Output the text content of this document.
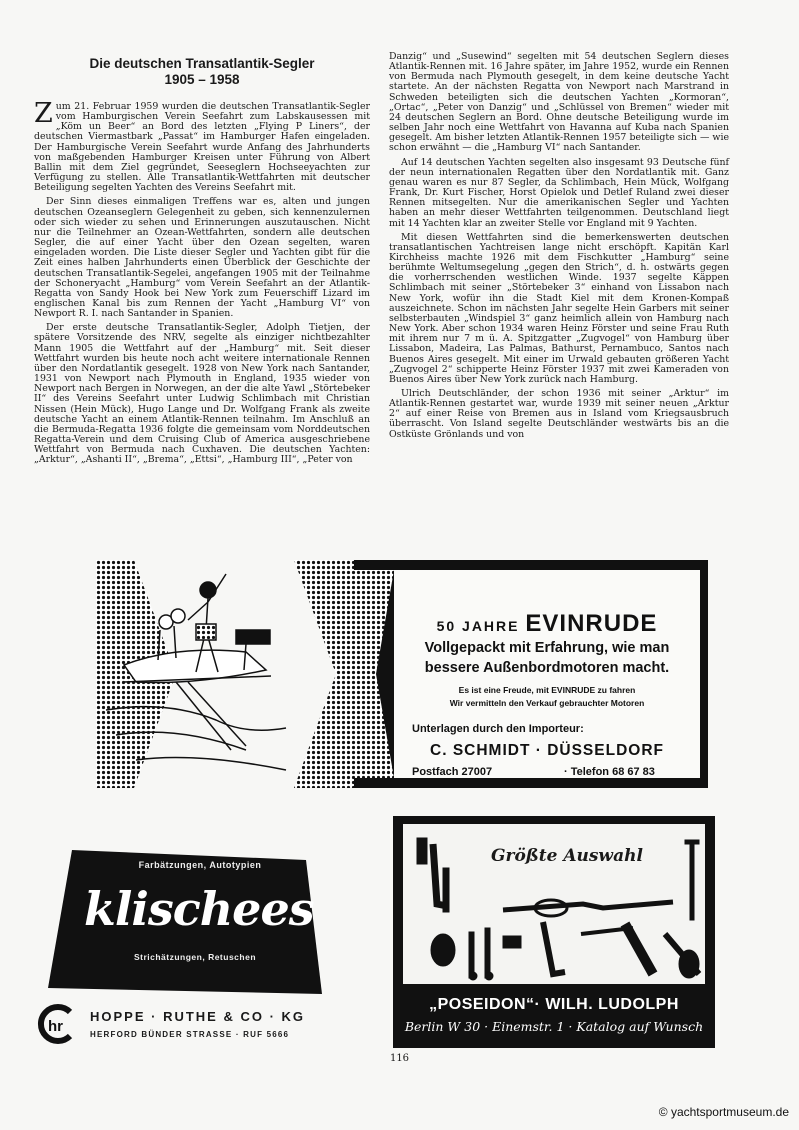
Die deutschen Transatlantik-Segler
1905 – 1958

Zum 21. Februar 1959 wurden die deutschen Transatlantik-Segler vom Hamburgischen Verein Seefahrt zum Labskausessen mit „Köm un Beer“ an Bord des letzten „Flying P Liners“, der deutschen Viermastbark „Passat“ im Hamburger Hafen eingeladen. Der Hamburgische Verein Seefahrt wurde Anfang des Jahrhunderts von maßgebenden Hamburger Kreisen unter Führung von Albert Ballin mit dem Ziel gegründet, Seeseglern Hochseeyachten zur Verfügung zu stellen. Alle Transatlantik-Wettfahrten mit deutscher Beteiligung segelten Yachten des Vereins Seefahrt mit.

Der Sinn dieses einmaligen Treffens war es, alten und jungen deutschen Ozeanseglern Gelegenheit zu geben, sich kennenzulernen oder sich wieder zu sehen und Erinnerungen auszutauschen. Nicht nur die Teilnehmer an Ozean-Wettfahrten, sondern alle deutschen Segler, die auf einer Yacht über den Ozean segelten, waren eingeladen worden. Die Liste dieser Segler und Yachten gibt für die Zeit eines halben Jahrhunderts einen Überblick der Geschichte der deutschen Transatlantik-Segelei, angefangen 1905 mit der Teilnahme der Schoneryacht „Hamburg“ vom Verein Seefahrt an der Atlantik-Regatta von Sandy Hook bei New York zum Feuerschiff Lizard im englischen Kanal bis zum Rennen der Yacht „Hamburg VI“ von Newport R. I. nach Santander in Spanien.

Der erste deutsche Transatlantik-Segler, Adolph Tietjen, der spätere Vorsitzende des NRV, segelte als einziger nichtbezahlter Mann 1905 die Wettfahrt auf der „Hamburg“ mit. Seit dieser Wettfahrt wurden bis heute noch acht weitere internationale Rennen über den Nordatlantik gesegelt. 1928 von New York nach Santander, 1931 von Newport nach Plymouth in England, 1935 wieder von Newport nach Bergen in Norwegen, an der die alte Yawl „Störtebeker II“ des Vereins Seefahrt unter Ludwig Schlimbach mit Christian Nissen (Hein Mück), Hugo Lange und Dr. Wolfgang Frank als zweite deutsche Yacht an einem Atlantik-Rennen teilnahm. Im Anschluß an die Bermuda-Regatta 1936 folgte die gemeinsam vom Norddeutschen Regatta-Verein und dem Cruising Club of America ausgeschriebene Wettfahrt von Bermuda nach Cuxhaven. Die deutschen Yachten: „Arktur“, „Ashanti II“, „Brema“, „Ettsi“, „Hamburg III“, „Peter von

Danzig“ und „Susewind“ segelten mit 54 deutschen Seglern dieses Atlantik-Rennen mit. 16 Jahre später, im Jahre 1952, wurde ein Rennen von Bermuda nach Plymouth gesegelt, in dem keine deutsche Yacht startete. An der nächsten Regatta von Newport nach Marstrand in Schweden beteiligten sich die deutschen Yachten „Kormoran“, „Ortac“, „Peter von Danzig“ und „Schlüssel von Bremen“ wieder mit 24 deutschen Seglern an Bord. Ohne deutsche Beteiligung wurde im selben Jahr noch eine Wettfahrt von Havanna auf Kuba nach Spanien gesegelt. Am bisher letzten Atlantik-Rennen 1957 beteiligte sich — wie schon erwähnt — die „Hamburg VI“ nach Santander.

Auf 14 deutschen Yachten segelten also insgesamt 93 Deutsche fünf der neun internationalen Regatten über den Nordatlantik mit. Ganz genau waren es nur 87 Segler, da Schlimbach, Hein Mück, Wolfgang Frank, Dr. Kurt Fischer, Horst Opielok und Detlef Ruland zwei dieser Rennen mitsegelten. Nur die amerikanischen Segler und Yachten haben an mehr dieser Wettfahrten teilgenommen. Deutschland liegt mit 14 Yachten klar an zweiter Stelle vor England mit 9 Yachten.

Mit diesen Wettfahrten sind die bemerkenswerten deutschen transatlantischen Yachtreisen lange nicht erschöpft. Kapitän Karl Kirchheiss machte 1926 mit dem Fischkutter „Hamburg“ seine berühmte Weltumsegelung „gegen den Strich“, d. h. ostwärts gegen die vorherrschenden westlichen Winde. 1937 segelte Käppen Schlimbach mit seiner „Störtebeker 3“ einhand von Lissabon nach New York, wofür ihn die Stadt Kiel mit dem Kronen-Kompaß auszeichnete. Schon im nächsten Jahr segelte Hein Garbers mit seiner selbsterbauten „Windspiel 3“ ganz heimlich allein von Hamburg nach New York. Aber schon 1934 waren Heinz Förster und seine Frau Ruth mit ihrem nur 7 m ü. A. Spitzgatter „Zugvogel“ von Hamburg über Lissabon, Madeira, Las Palmas, Bathurst, Pernambuco, Santos nach Buenos Aires gesegelt. Mit einer im Urwald gebauten größeren Yacht „Zugvogel 2“ schipperte Heinz Förster 1937 mit zwei Kameraden von Buenos Aires über New York zurück nach Hamburg.

Ulrich Deutschländer, der schon 1936 mit seiner „Arktur“ im Atlantik-Rennen gestartet war, wurde 1939 mit seiner neuen „Arktur 2“ auf einer Reise von Bremen aus in Island vom Kriegsausbruch überrascht. Von Island segelte Deutschländer westwärts bis an die Ostküste Grönlands und von

50 JAHRE EVINRUDE
Vollgepackt mit Erfahrung, wie man
bessere Außenbordmotoren macht.
Es ist eine Freude, mit EVINRUDE zu fahren
Wir vermitteln den Verkauf gebrauchter Motoren
Unterlagen durch den Importeur:
C. SCHMIDT · DÜSSELDORF
Postfach 27007	· Telefon 68 67 83
Farbätzungen, Autotypien
klischees
Strichätzungen, Retuschen
hr
HOPPE · RUTHE & CO · KG
HERFORD BÜNDER STRASSE · RUF 5666
Größte Auswahl
„POSEIDON“· WILH. LUDOLPH
Berlin W 30 · Einemstr. 1 · Katalog auf Wunsch
116
© yachtsportmuseum.de
